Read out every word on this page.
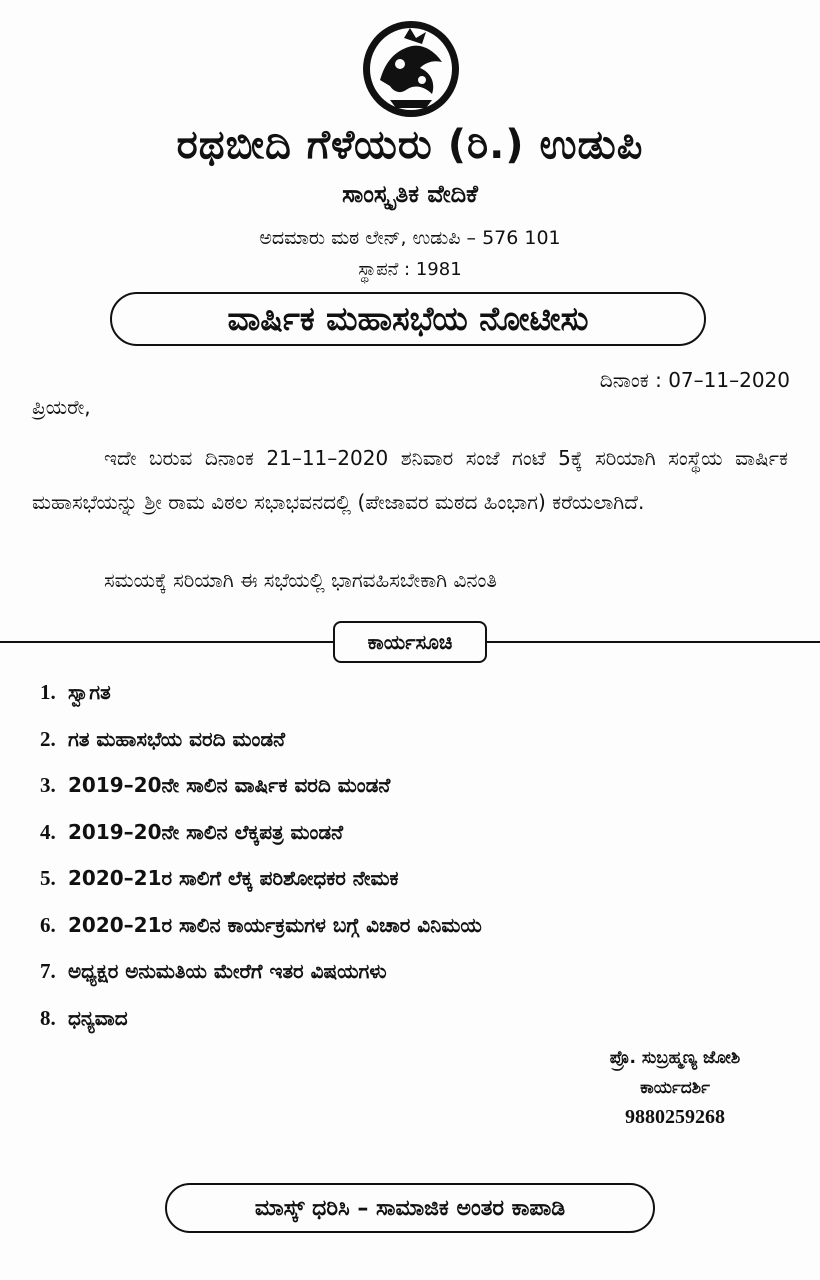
ರಥಬೀದಿ ಗೆಳೆಯರು (ರಿ.) ಉಡುಪಿ
ಸಾಂಸ್ಕೃತಿಕ ವೇದಿಕೆ
ಅದಮಾರು ಮಠ ಲೇನ್, ಉಡುಪಿ – 576 101
ಸ್ಥಾಪನೆ : 1981
ವಾರ್ಷಿಕ ಮಹಾಸಭೆಯ ನೋಟೀಸು
ದಿನಾಂಕ : 07–11–2020
ಪ್ರಿಯರೇ,

ಇದೇ ಬರುವ ದಿನಾಂಕ 21–11–2020 ಶನಿವಾರ ಸಂಜೆ ಗಂಟೆ 5ಕ್ಕೆ ಸರಿಯಾಗಿ ಸಂಸ್ಥೆಯ ವಾರ್ಷಿಕ ಮಹಾಸಭೆಯನ್ನು ಶ್ರೀ ರಾಮ ವಿಠಲ ಸಭಾಭವನದಲ್ಲಿ (ಪೇಜಾವರ ಮಠದ ಹಿಂಭಾಗ) ಕರೆಯಲಾಗಿದೆ.

ಸಮಯಕ್ಕೆ ಸರಿಯಾಗಿ ಈ ಸಭೆಯಲ್ಲಿ ಭಾಗವಹಿಸಬೇಕಾಗಿ ವಿನಂತಿ
ಕಾರ್ಯಸೂಚಿ
1. ಸ್ವಾಗತ
2. ಗತ ಮಹಾಸಭೆಯ ವರದಿ ಮಂಡನೆ
3. 2019–20ನೇ ಸಾಲಿನ ವಾರ್ಷಿಕ ವರದಿ ಮಂಡನೆ
4. 2019–20ನೇ ಸಾಲಿನ ಲೆಕ್ಕಪತ್ರ ಮಂಡನೆ
5. 2020–21ರ ಸಾಲಿಗೆ ಲೆಕ್ಕ ಪರಿಶೋಧಕರ ನೇಮಕ
6. 2020–21ರ ಸಾಲಿನ ಕಾರ್ಯಕ್ರಮಗಳ ಬಗ್ಗೆ ವಿಚಾರ ವಿನಿಮಯ
7. ಅಧ್ಯಕ್ಷರ ಅನುಮತಿಯ ಮೇರೆಗೆ ಇತರ ವಿಷಯಗಳು
8. ಧನ್ಯವಾದ
ಪ್ರೊ. ಸುಬ್ರಹ್ಮಣ್ಯ ಜೋಶಿ
ಕಾರ್ಯದರ್ಶಿ
9880259268
ಮಾಸ್ಕ್ ಧರಿಸಿ – ಸಾಮಾಜಿಕ ಅಂತರ ಕಾಪಾಡಿ
